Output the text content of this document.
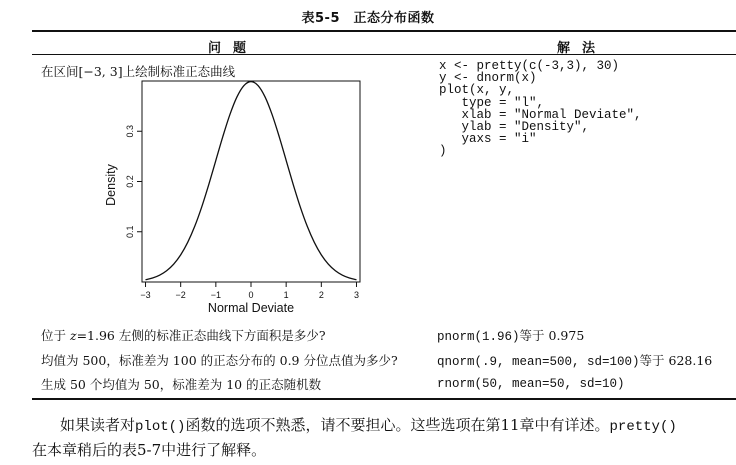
表5-5　正态分布函数
问题	解法
在区间[−3, 3]上绘制标准正态曲线	x <- pretty(c(-3,3), 30)
y <- dnorm(x)
plot(x, y,
type = "l",
xlab = "Normal Deviate",
ylab = "Density",
yaxs = "i"
)
−3	−2	−1	0	1	2	3
0.1
0.2
0.3
Normal Deviate
Density
位于 z=1.96 左侧的标准正态曲线下方面积是多少?	pnorm(1.96)等于 0.975
均值为 500，标准差为 100 的正态分布的 0.9 分位点值为多少?	qnorm(.9, mean=500, sd=100)等于 628.16
生成 50 个均值为 50，标准差为 10 的正态随机数	rnorm(50, mean=50, sd=10)
如果读者对plot()函数的选项不熟悉，请不要担心。这些选项在第11章中有详述。pretty()
在本章稍后的表5-7中进行了解释。
